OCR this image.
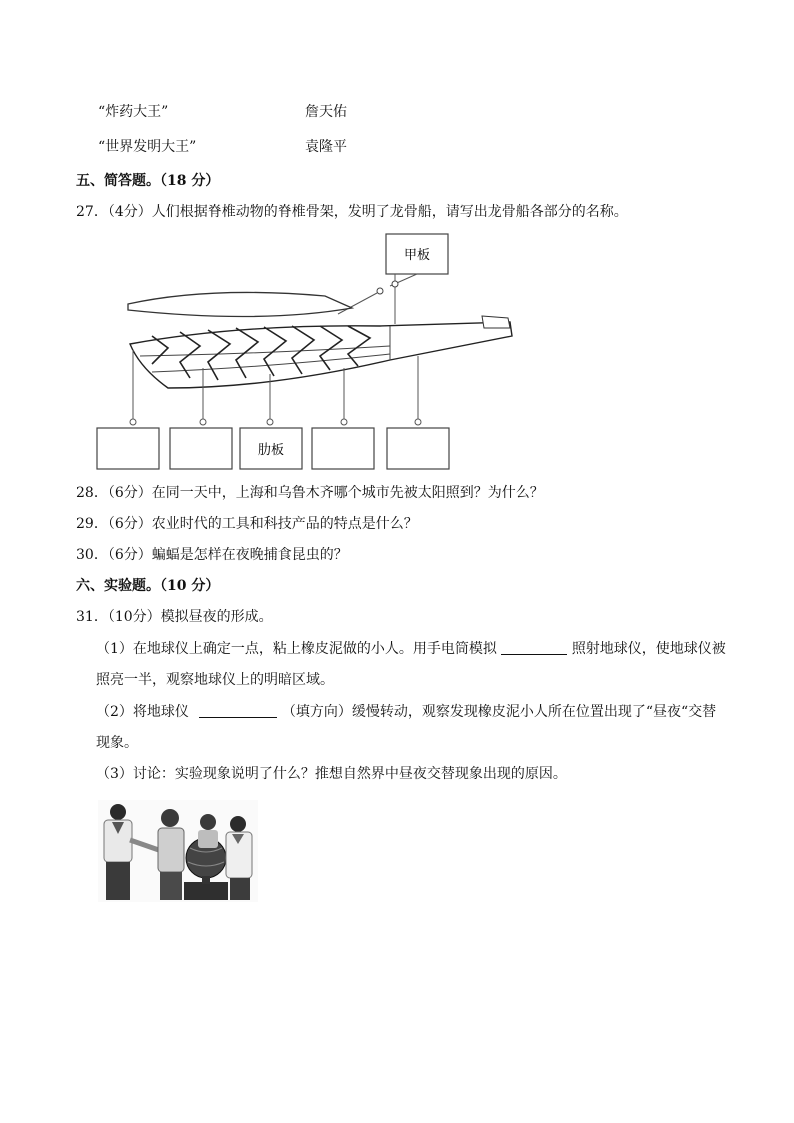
“炸药大王”	詹天佑
“世界发明大王”	袁隆平
五、简答题。（18 分）
27．（4分）人们根据脊椎动物的脊椎骨架，发明了龙骨船，请写出龙骨船各部分的名称。
甲板
肋板
28．（6分）在同一天中，上海和乌鲁木齐哪个城市先被太阳照到？为什么？
29．（6分）农业时代的工具和科技产品的特点是什么？
30．（6分）蝙蝠是怎样在夜晚捕食昆虫的？
六、实验题。（10 分）
31．（10分）模拟昼夜的形成。
（1）在地球仪上确定一点，粘上橡皮泥做的小人。用手电筒模拟	照射地球仪，使地球仪被
照亮一半，观察地球仪上的明暗区域。
（2）将地球仪	（填方向）缓慢转动，观察发现橡皮泥小人所在位置出现了“昼夜“交替
现象。
（3）讨论：实验现象说明了什么？推想自然界中昼夜交替现象出现的原因。
